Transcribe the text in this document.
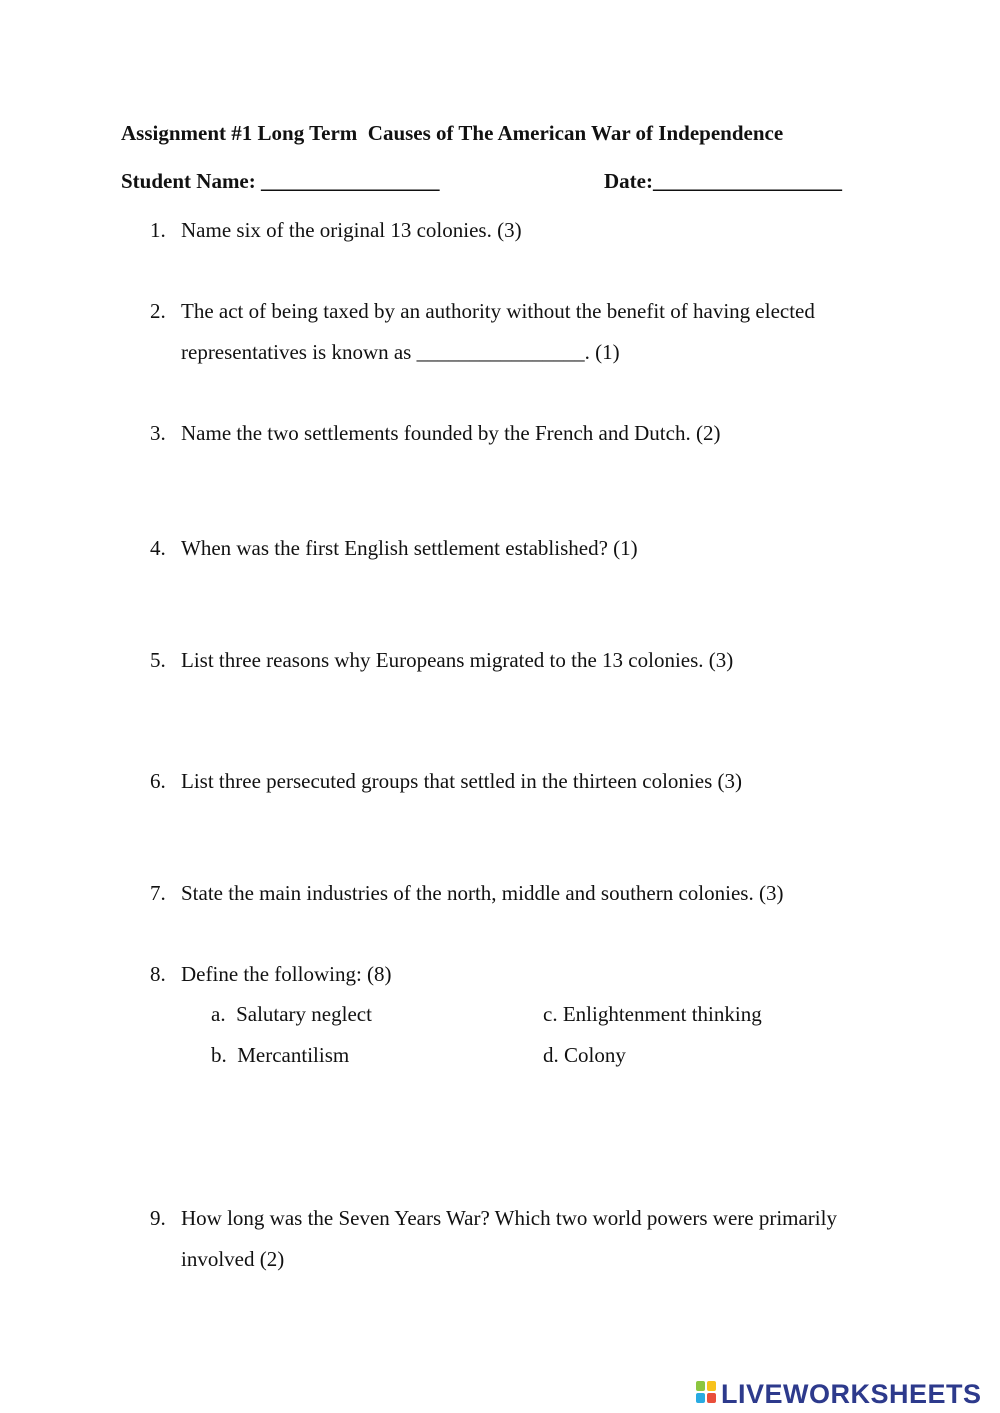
Assignment #1 Long Term  Causes of The American War of Independence
Student Name: _________________	Date:__________________
1. Name six of the original 13 colonies. (3)
2. The act of being taxed by an authority without the benefit of having elected representatives is known as ________________. (1)
3. Name the two settlements founded by the French and Dutch. (2)
4. When was the first English settlement established? (1)
5. List three reasons why Europeans migrated to the 13 colonies. (3)
6. List three persecuted groups that settled in the thirteen colonies (3)
7. State the main industries of the north, middle and southern colonies. (3)
8. Define the following: (8)
a.  Salutary neglect
b.  Mercantilism
c. Enlightenment thinking
d. Colony
9. How long was the Seven Years War? Which two world powers were primarily involved (2)
LIVEWORKSHEETS
